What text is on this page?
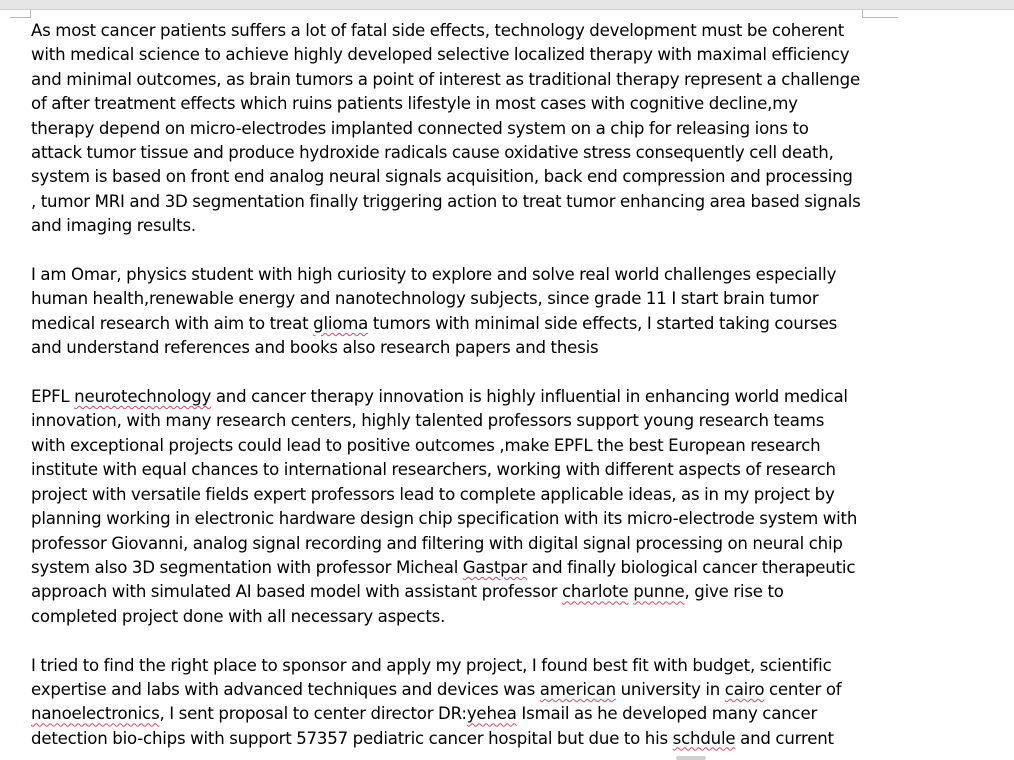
As most cancer patients suffers a lot of fatal side effects, technology development must be coherent with medical science to achieve highly developed selective localized therapy with maximal efficiency and minimal outcomes, as brain tumors a point of interest as traditional therapy represent a challenge of after treatment effects which ruins patients lifestyle in most cases with cognitive decline,my therapy depend on micro-electrodes implanted connected system on a chip for releasing ions to attack tumor tissue and produce hydroxide radicals cause oxidative stress consequently cell death, system is based on front end analog neural signals acquisition, back end compression and processing , tumor MRI and 3D segmentation finally triggering action to treat tumor enhancing area based signals and imaging results.

I am Omar, physics student with high curiosity to explore and solve real world challenges especially human health,renewable energy and nanotechnology subjects, since grade 11 I start brain tumor medical research with aim to treat glioma tumors with minimal side effects, I started taking courses and understand references and books also research papers and thesis

EPFL neurotechnology and cancer therapy innovation is highly influential in enhancing world medical innovation, with many research centers, highly talented professors support young research teams with exceptional projects could lead to positive outcomes ,make EPFL the best European research institute with equal chances to international researchers, working with different aspects of research project with versatile fields expert professors lead to complete applicable ideas, as in my project by planning working in electronic hardware design chip specification with its micro-electrode system with professor Giovanni, analog signal recording and filtering with digital signal processing on neural chip system also 3D segmentation with professor Micheal Gastpar and finally biological cancer therapeutic approach with simulated AI based model with assistant professor charlote punne, give rise to completed project done with all necessary aspects.

I tried to find the right place to sponsor and apply my project, I found best fit with budget, scientific expertise and labs with advanced techniques and devices was american university in cairo center of nanoelectronics, I sent proposal to center director DR:yehea Ismail as he developed many cancer detection bio-chips with support 57357 pediatric cancer hospital but due to his schdule and current
